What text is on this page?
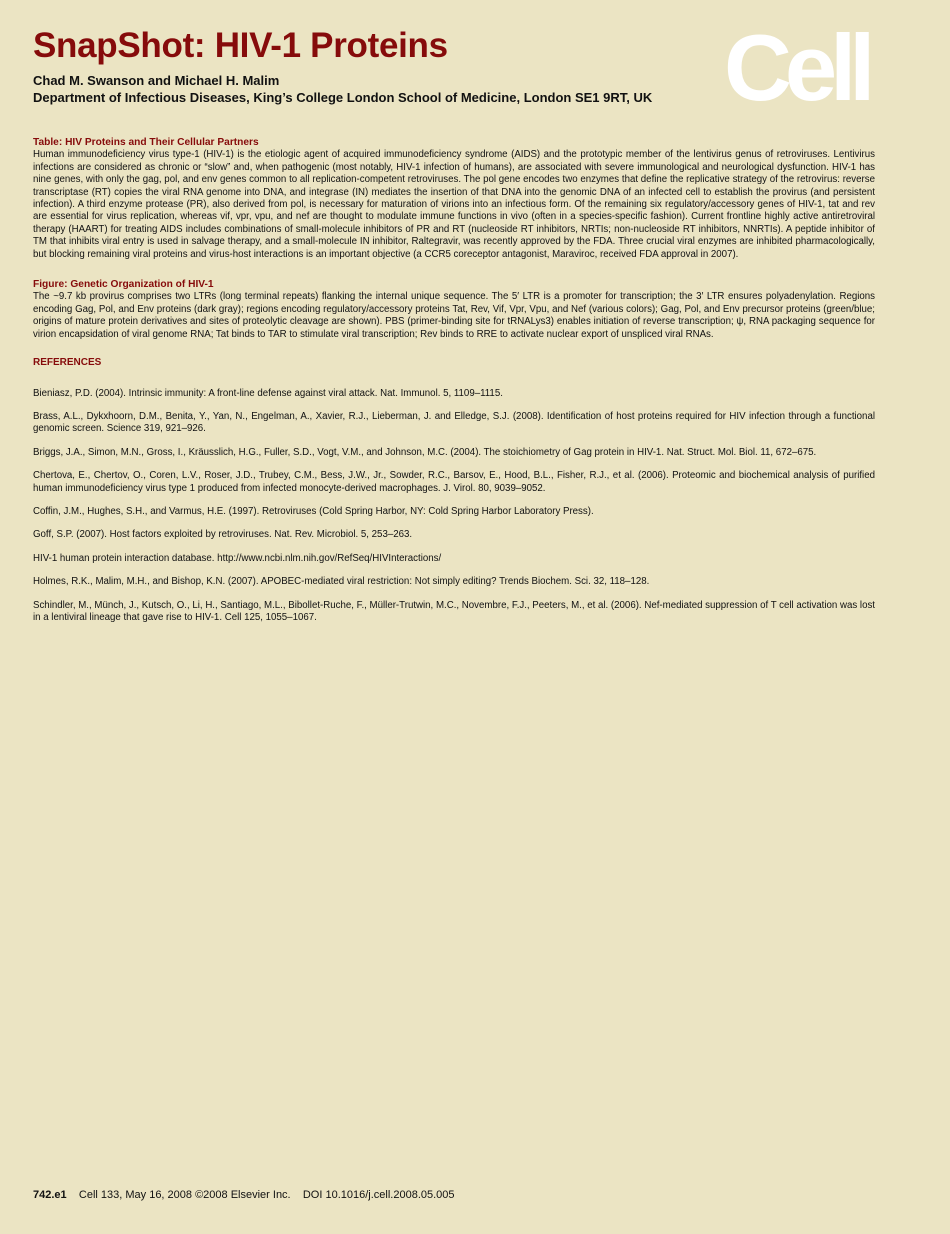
SnapShot: HIV-1 Proteins
Chad M. Swanson and Michael H. Malim
Department of Infectious Diseases, King’s College London School of Medicine, London SE1 9RT, UK Cell
Table: HIV Proteins and Their Cellular Partners

Human immunodeficiency virus type-1 (HIV-1) is the etiologic agent of acquired immunodeficiency syndrome (AIDS) and the prototypic member of the lentivirus genus of retroviruses. Lentivirus infections are considered as chronic or “slow” and, when pathogenic (most notably, HIV-1 infection of humans), are associated with severe immunological and neurological dysfunction. HIV-1 has nine genes, with only the gag, pol, and env genes common to all replication-competent retroviruses. The pol gene encodes two enzymes that define the replicative strategy of the retrovirus: reverse transcriptase (RT) copies the viral RNA genome into DNA, and integrase (IN) mediates the insertion of that DNA into the genomic DNA of an infected cell to establish the provirus (and persistent infection). A third enzyme protease (PR), also derived from pol, is necessary for maturation of virions into an infectious form. Of the remaining six regulatory/accessory genes of HIV-1, tat and rev are essential for virus replication, whereas vif, vpr, vpu, and nef are thought to modulate immune functions in vivo (often in a species-specific fashion). Current frontline highly active antiretroviral therapy (HAART) for treating AIDS includes combinations of small-molecule inhibitors of PR and RT (nucleoside RT inhibitors, NRTIs; non-nucleoside RT inhibitors, NNRTIs). A peptide inhibitor of TM that inhibits viral entry is used in salvage therapy, and a small-molecule IN inhibitor, Raltegravir, was recently approved by the FDA. Three crucial viral enzymes are inhibited pharmacologically, but blocking remaining viral proteins and virus-host interactions is an important objective (a CCR5 coreceptor antagonist, Maraviroc, received FDA approval in 2007).

Figure: Genetic Organization of HIV-1

The ~9.7 kb provirus comprises two LTRs (long terminal repeats) flanking the internal unique sequence. The 5′ LTR is a promoter for transcription; the 3′ LTR ensures polyadenylation. Regions encoding Gag, Pol, and Env proteins (dark gray); regions encoding regulatory/accessory proteins Tat, Rev, Vif, Vpr, Vpu, and Nef (various colors); Gag, Pol, and Env precursor proteins (green/blue; origins of mature protein derivatives and sites of proteolytic cleavage are shown). PBS (primer-binding site for tRNALys3) enables initiation of reverse transcription; ψ, RNA packaging sequence for virion encapsidation of viral genome RNA; Tat binds to TAR to stimulate viral transcription; Rev binds to RRE to activate nuclear export of unspliced viral RNAs.

REFERENCES

Bieniasz, P.D. (2004). Intrinsic immunity: A front-line defense against viral attack. Nat. Immunol. 5, 1109–1115.

Brass, A.L., Dykxhoorn, D.M., Benita, Y., Yan, N., Engelman, A., Xavier, R.J., Lieberman, J. and Elledge, S.J. (2008). Identification of host proteins required for HIV infection through a functional genomic screen. Science 319, 921–926.

Briggs, J.A., Simon, M.N., Gross, I., Kräusslich, H.G., Fuller, S.D., Vogt, V.M., and Johnson, M.C. (2004). The stoichiometry of Gag protein in HIV-1. Nat. Struct. Mol. Biol. 11, 672–675.

Chertova, E., Chertov, O., Coren, L.V., Roser, J.D., Trubey, C.M., Bess, J.W., Jr., Sowder, R.C., Barsov, E., Hood, B.L., Fisher, R.J., et al. (2006). Proteomic and biochemical analysis of purified human immunodeficiency virus type 1 produced from infected monocyte-derived macrophages. J. Virol. 80, 9039–9052.

Coffin, J.M., Hughes, S.H., and Varmus, H.E. (1997). Retroviruses (Cold Spring Harbor, NY: Cold Spring Harbor Laboratory Press).

Goff, S.P. (2007). Host factors exploited by retroviruses. Nat. Rev. Microbiol. 5, 253–263.

HIV-1 human protein interaction database. http://www.ncbi.nlm.nih.gov/RefSeq/HIVInteractions/

Holmes, R.K., Malim, M.H., and Bishop, K.N. (2007). APOBEC-mediated viral restriction: Not simply editing? Trends Biochem. Sci. 32, 118–128.

Schindler, M., Münch, J., Kutsch, O., Li, H., Santiago, M.L., Bibollet-Ruche, F., Müller-Trutwin, M.C., Novembre, F.J., Peeters, M., et al. (2006). Nef-mediated suppression of T cell activation was lost in a lentiviral lineage that gave rise to HIV-1. Cell 125, 1055–1067.

742.e1 Cell 133, May 16, 2008 ©2008 Elsevier Inc. DOI 10.1016/j.cell.2008.05.005
